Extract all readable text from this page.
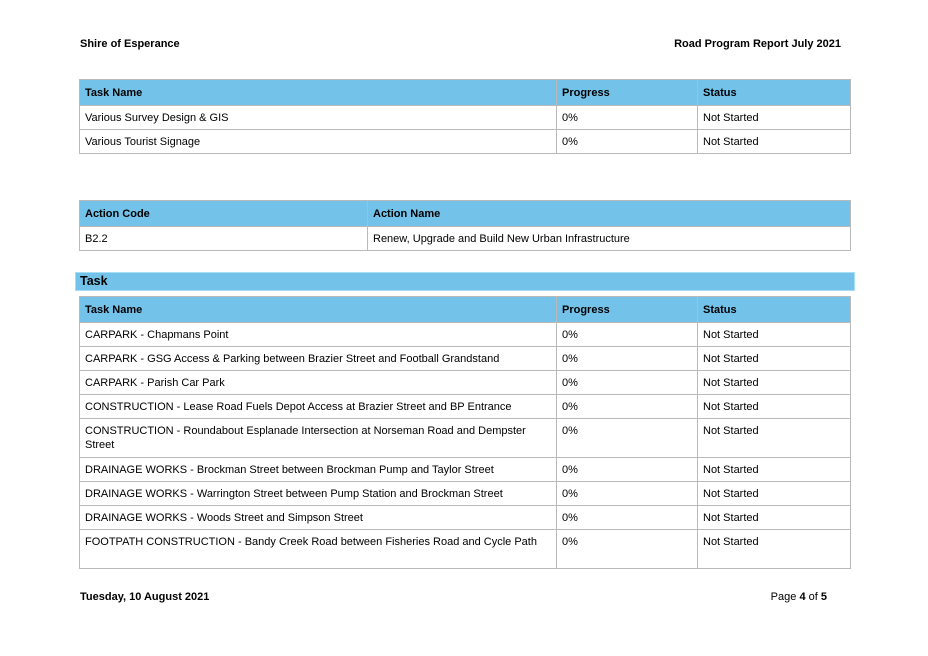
Shire of Esperance	Road Program Report July 2021
Task Name	Progress	Status
Various Survey Design & GIS	0%	Not Started
Various Tourist Signage	0%	Not Started
Action Code	Action Name
B2.2	Renew, Upgrade and Build New Urban Infrastructure
Task
Task Name	Progress	Status
CARPARK - Chapmans Point	0%	Not Started
CARPARK - GSG Access & Parking between Brazier Street and Football Grandstand	0%	Not Started
CARPARK - Parish Car Park	0%	Not Started
CONSTRUCTION - Lease Road Fuels Depot Access at Brazier Street and BP Entrance	0%	Not Started
CONSTRUCTION - Roundabout Esplanade Intersection at Norseman Road and Dempster Street	0%	Not Started
DRAINAGE WORKS - Brockman Street between Brockman Pump and Taylor Street	0%	Not Started
DRAINAGE WORKS - Warrington Street between Pump Station and Brockman Street	0%	Not Started
DRAINAGE WORKS - Woods Street and Simpson Street	0%	Not Started
FOOTPATH CONSTRUCTION - Bandy Creek Road between Fisheries Road and Cycle Path	0%	Not Started
Tuesday, 10 August 2021	Page 4 of 5
